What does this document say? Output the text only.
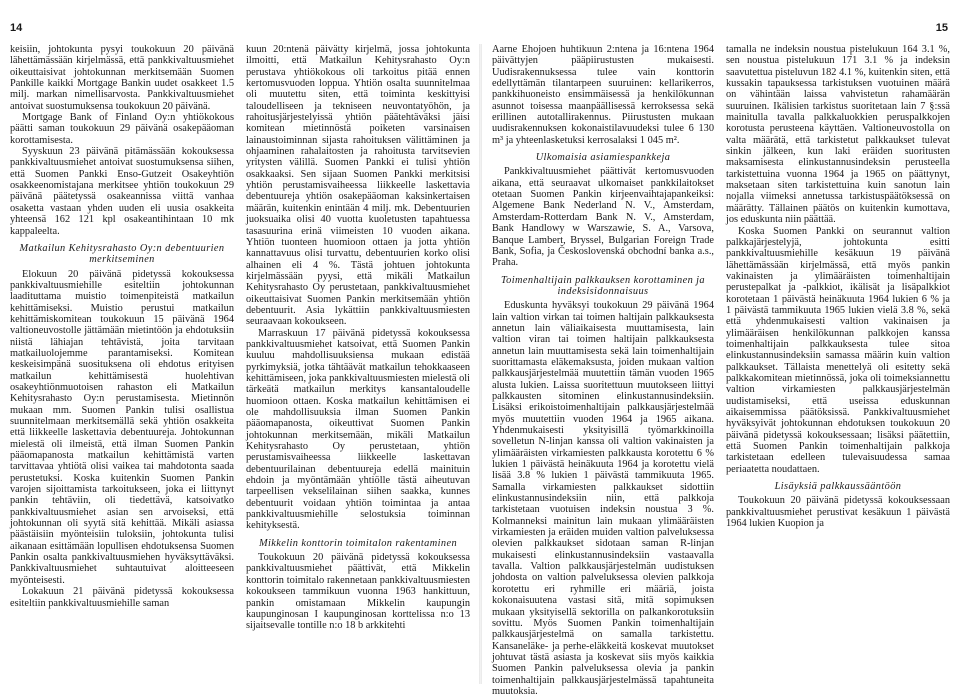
14	15

keisiin, johtokunta pysyi toukokuun 20 päivänä lähettämässään kirjelmässä, että pankkivaltuusmiehet oikeuttaisivat johtokunnan merkitsemään Suomen Pankille kaikki Mortgage Bankin uudet osakkeet 1.5 milj. markan nimellisarvosta. Pankkivaltuusmiehet antoivat suostumuksensa toukokuun 20 päivänä.

Mortgage Bank of Finland Oy:n yhtiökokous päätti saman toukokuun 29 päivänä osakepääoman korottamisesta.

Syyskuun 23 päivänä pitämässään kokouksessa pankkivaltuusmiehet antoivat suostumuksensa siihen, että Suomen Pankki Enso-Gutzeit Osakeyhtiön osakkeenomistajana merkitsee yhtiön toukokuun 29 päivänä päätetyssä osakeannissa viittä vanhaa osaketta vastaan yhden uuden eli uusia osakkeita yhteensä 162 121 kpl osakeantihintaan 10 mk kappaleelta.

Matkailun Kehitysrahasto Oy:n debentuurien merkitseminen

Elokuun 20 päivänä pidetyssä kokouksessa pankkivaltuusmiehille esiteltiin johtokunnan laadituttama muistio toimenpiteistä matkailun kehittämiseksi. Muistio perustui matkailun kehittämiskomitean toukokuun 15 päivänä 1964 valtioneuvostolle jättämään mietintöön ja ehdotuksiin niistä lähiajan tehtävistä, joita tarvitaan matkailuolojemme parantamiseksi. Komitean keskeisimpänä suosituksena oli ehdotus erityisen matkailun kehittämisestä huolehtivan osakeyhtiönmuotoisen rahaston eli Matkailun Kehitysrahasto Oy:n perustamisesta. Mietinnön mukaan mm. Suomen Pankin tulisi osallistua suunnitelmaan merkitsemällä sekä yhtiön osakkeita että liikkeelle laskettavia debentuureja. Johtokunnan mielestä oli ilmeistä, että ilman Suomen Pankin pääomapanosta matkailun kehittämistä varten tarvittavaa yhtiötä olisi vaikea tai mahdotonta saada perustetuksi. Koska kuitenkin Suomen Pankin varojen sijoittamista tarkoitukseen, joka ei liittynyt pankin tehtäviin, oli tiedettävä, katsoivatko pankkivaltuusmiehet asian sen arvoiseksi, että johtokunnan oli syytä sitä kehittää. Mikäli asiassa päästäisiin myönteisiin tuloksiin, johtokunta tulisi aikanaan esittämään lopullisen ehdotuksensa Suomen Pankin osalta pankkivaltuusmiehen hyväksyttäväksi. Pankkivaltuusmiehet suhtautuivat aloitteeseen myönteisesti.

Lokakuun 21 päivänä pidetyssä kokouksessa esiteltiin pankkivaltuusmiehille saman

kuun 20:ntenä päivätty kirjelmä, jossa johtokunta ilmoitti, että Matkailun Kehitysrahasto Oy:n perustava yhtiökokous oli tarkoitus pitää ennen kertomusvuoden loppua. Yhtiön osalta suunnitelmaa oli muutettu siten, että toiminta keskittyisi taloudelliseen ja tekniseen neuvontatyöhön, ja rahoitusjärjestelyissä yhtiön päätehtäväksi jäisi komitean mietinnöstä poiketen varsinaisen lainaustoiminnan sijasta rahoituksen välittäminen ja ohjaaminen rahalaitosten ja rahoitusta tarvitsevien yritysten välillä. Suomen Pankki ei tulisi yhtiön osakkaaksi. Sen sijaan Suomen Pankki merkitsisi yhtiön perustamisvaiheessa liikkeelle laskettavia debentuureja yhtiön osakepääoman kaksinkertaisen määrän, kuitenkin enintään 4 milj. mk. Debentuurien juoksuaika olisi 40 vuotta kuoletusten tapahtuessa tasasuurina erinä viimeisten 10 vuoden aikana. Yhtiön tuonteen huomioon ottaen ja jotta yhtiön kannattavuus olisi turvattu, debentuurien korko olisi alhainen eli 4 %. Tästä johtuen johtokunta kirjelmässään pyysi, että mikäli Matkailun Kehitysrahasto Oy perustetaan, pankkivaltuusmiehet oikeuttaisivat Suomen Pankin merkitsemään yhtiön debentuurit. Asia lykättiin pankkivaltuusmiesten seuraavaan kokoukseen.

Marraskuun 17 päivänä pidetyssä kokouksessa pankkivaltuusmiehet katsoivat, että Suomen Pankin kuuluu mahdollisuuksiensa mukaan edistää pyrkimyksiä, jotka tähtäävät matkailun tehokkaaseen kehittämiseen, joka pankkivaltuusmiesten mielestä oli tärkeätä matkailun merkitys kansantaloudelle huomioon ottaen. Koska matkailun kehittämisen ei ole mahdollisuuksia ilman Suomen Pankin pääomapanosta, oikeuttivat Suomen Pankin johtokunnan merkitsemään, mikäli Matkailun Kehitysrahasto Oy perustetaan, yhtiön perustamisvaiheessa liikkeelle laskettavan debentuurilainan debentuureja edellä mainituin ehdoin ja myöntämään yhtiölle tästä aiheutuvan tarpeellisen vekselilainan siihen saakka, kunnes debentuurit voidaan yhtiön toimintaa ja antaa pankkivaltuusmiehille selostuksia toiminnan kehityksestä.

Mikkelin konttorin toimitalon rakentaminen

Toukokuun 20 päivänä pidetyssä kokouksessa pankkivaltuusmiehet päättivät, että Mikkelin konttorin toimitalo rakennetaan pankkivaltuusmiesten kokoukseen tammikuun vuonna 1963 hankittuun, pankin omistamaan Mikkelin kaupungin kaupunginosan I kaupunginosan korttelissa n:o 13 sijaitsevalle tontille n:o 18 b arkkitehti

Aarne Ehojoen huhtikuun 2:ntena ja 16:ntena 1964 päivättyjen pääpiirustusten mukaisesti. Uudisrakennuksessa tulee vain konttorin edellyttämän tilantarpeen suuruinen: kellarikerros, pankkihuoneisto ensimmäisessä ja henkilökunnan asunnot toisessa maanpäällisessä kerroksessa sekä erillinen autotallirakennus. Piirustusten mukaan uudisrakennuksen kokonaistilavuudeksi tulee 6 130 m³ ja yhteenlasketuksi kerrosalaksi 1 045 m².

Ulkomaisia asiamiespankkeja

Pankkivaltuusmiehet päättivät kertomusvuoden aikana, että seuraavat ulkomaiset pankkilaitokset otetaan Suomen Pankin kirjeenvaihtajapankeiksi: Algemene Bank Nederland N. V., Amsterdam, Amsterdam-Rotterdam Bank N. V., Amsterdam, Bank Handlowy w Warszawie, S. A., Varsova, Banque Lambert, Bryssel, Bulgarian Foreign Trade Bank, Sofia, ja Československá obchodní banka a.s., Praha.

Toimenhaltijain palkkauksen korottaminen ja indeksisidonnaisuus

Eduskunta hyväksyi toukokuun 29 päivänä 1964 lain valtion virkan tai toimen haltijain palkkauksesta annetun lain väliaikaisesta muuttamisesta, lain valtion viran tai toimen haltijain palkkauksesta annetun lain muuttamisesta sekä lain toimenhaltijain suorittamasta eläkemaksusta, joiden mukaan valtion palkkausjärjestelmää muutettiin tämän vuoden 1965 alusta lukien. Laissa suoritettuun muutokseen liittyi palkkausten sitominen elinkustannusindeksiin. Lisäksi erikoistoimenhaltijain palkkausjärjestelmää myös muutettiin vuoden 1964 ja 1965 aikana. Yhdenmukaisesti yksityisillä työmarkkinoilla sovelletun N-linjan kanssa oli valtion vakinaisten ja ylimääräisten virkamiesten palkkausta korotettu 6 % lukien 1 päivästä heinäkuuta 1964 ja korotettu vielä lisää 3.8 % lukien 1 päivästä tammikuuta 1965. Samalla virkamiesten palkkaukset sidottiin elinkustannusindeksiin niin, että palkkoja tarkistetaan vuotuisen indeksin noustua 3 %. Kolmanneksi mainitun lain mukaan ylimääräisten virkamiesten ja eräiden muiden valtion palveluksessa olevien palkkaukset sidotaan saman R-linjan mukaisesti elinkustannusindeksiin vastaavalla tavalla. Valtion palkkausjärjestelmän uudistuksen johdosta on valtion palveluksessa olevien palkkoja korotettu eri ryhmille eri määriä, joista kokonaisuutena vastasi sitä, mitä sopimuksen mukaan yksityisellä sektorilla on palkankorotuksiin sovittu. Myös Suomen Pankin toimenhaltijain palkkausjärjestelmä on samalla tarkistettu. Kansaneläke- ja perhe-eläkkeitä koskevat muutokset johtuvat tästä asiasta ja koskevat siis myös kaikkia Suomen Pankin palveluksessa olevia ja pankin toimenhaltijain palkkausjärjestelmässä tapahtuneita muutoksia.

tamalla ne indeksin noustua pistelukuun 164 3.1 %, sen noustua pistelukuun 171 3.1 % ja indeksin saavutettua pisteluvun 182 4.1 %, kuitenkin siten, että kussakin tapauksessa tarkistuksen vuotuinen määrä on vähintään laissa vahvistetun rahamäärän suuruinen. Ikälisien tarkistus suoritetaan lain 7 §:ssä mainitulla tavalla palkkaluokkien peruspalkkojen korotusta perusteena käyttäen. Valtioneuvostolla on valta määrätä, että tarkistetut palkkaukset tulevat sinkin jälkeen, kun laki eräiden suoritusten maksamisesta elinkustannusindeksin perusteella tarkistettuina vuonna 1964 ja 1965 on päättynyt, maksetaan siten tarkistettuina kuin sanotun lain nojalla viimeksi annetussa tarkistuspäätöksessä on määrätty. Tällainen päätös on kuitenkin kumottava, jos eduskunta niin päättää.

Koska Suomen Pankki on seurannut valtion palkkajärjestelyjä, johtokunta esitti pankkivaltuusmiehille kesäkuun 19 päivänä lähettämässään kirjelmässä, että myös pankin vakinaisten ja ylimääräisten toimenhaltijain perustepalkat ja -palkkiot, ikälisät ja lisäpalkkiot korotetaan 1 päivästä heinäkuuta 1964 lukien 6 % ja 1 päivästä tammikuuta 1965 lukien vielä 3.8 %, sekä että yhdenmukaisesti valtion vakinaisen ja ylimääräisen henkilökunnan palkkojen kanssa toimenhaltijain palkkauksesta tulee sitoa elinkustannusindeksiin samassa määrin kuin valtion palkkaukset. Tällaista menettelyä oli esitetty sekä palkkakomitean mietinnössä, joka oli toimeksiannettu valtion virkamiesten palkkausjärjestelmän uudistamiseksi, että useissa eduskunnan aikaisemmissa päätöksissä. Pankkivaltuusmiehet hyväksyivät johtokunnan ehdotuksen toukokuun 20 päivänä pidetyssä kokouksessaan; lisäksi päätettiin, että Suomen Pankin toimenhaltijain palkkoja tarkistetaan edelleen tulevaisuudessa samaa periaatetta noudattaen.

Lisäyksiä palkkaussääntöön

Toukokuun 20 päivänä pidetyssä kokouksessaan pankkivaltuusmiehet perustivat kesäkuun 1 päivästä 1964 lukien Kuopion ja
